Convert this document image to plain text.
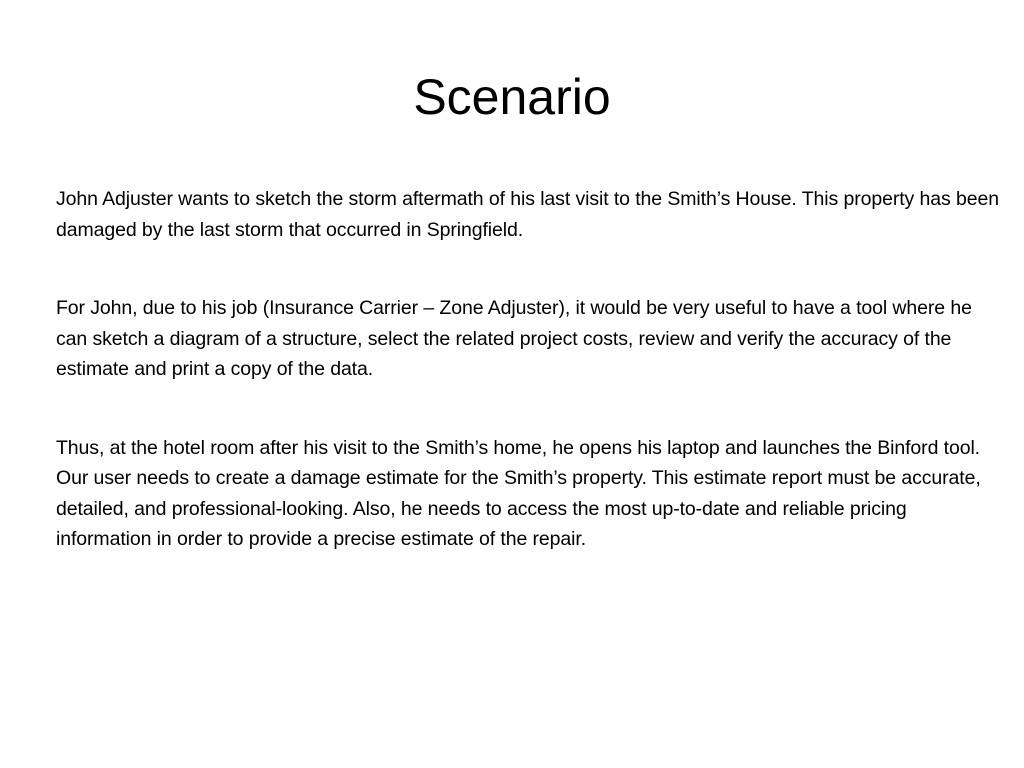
Scenario

John Adjuster wants to sketch the storm aftermath of his last visit to the Smith’s House. This property has been damaged by the last storm that occurred in Springfield.

For John, due to his job (Insurance Carrier – Zone Adjuster), it would be very useful to have a tool where he can sketch a diagram of a structure, select the related project costs, review and verify the accuracy of the estimate and print a copy of the data.

Thus, at the hotel room after his visit to the Smith’s home, he opens his laptop and launches the Binford tool. Our user needs to create a damage estimate for the Smith’s property. This estimate report must be accurate, detailed, and professional-looking. Also, he needs to access the most up-to-date and reliable pricing information in order to provide a precise estimate of the repair.
